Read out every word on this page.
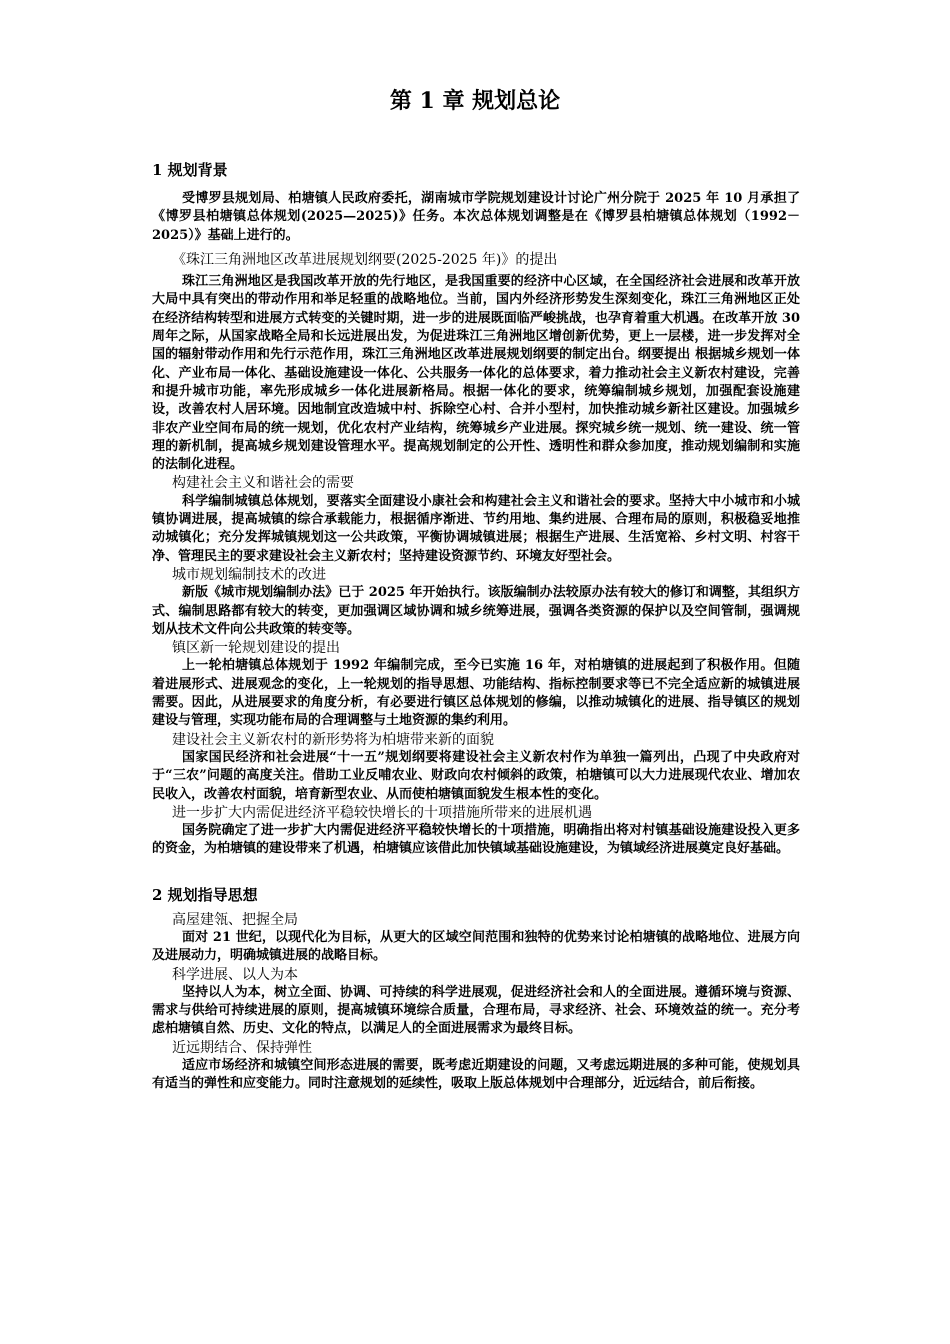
第 1 章 规划总论

1 规划背景

受博罗县规划局、柏塘镇人民政府委托，湖南城市学院规划建设计讨论广州分院于 2025 年 10 月承担了《博罗县柏塘镇总体规划(2025—2025)》任务。本次总体规划调整是在《博罗县柏塘镇总体规划（1992－2025）》基础上进行的。

《珠江三角洲地区改革进展规划纲要(2025-2025 年)》的提出

珠江三角洲地区是我国改革开放的先行地区，是我国重要的经济中心区域，在全国经济社会进展和改革开放大局中具有突出的带动作用和举足轻重的战略地位。当前，国内外经济形势发生深刻变化，珠江三角洲地区正处在经济结构转型和进展方式转变的关键时期，进一步的进展既面临严峻挑战，也孕育着重大机遇。在改革开放 30 周年之际，从国家战略全局和长远进展出发，为促进珠江三角洲地区增创新优势，更上一层楼，进一步发挥对全国的辐射带动作用和先行示范作用，珠江三角洲地区改革进展规划纲要的制定出台。纲要提出 根据城乡规划一体化、产业布局一体化、基础设施建设一体化、公共服务一体化的总体要求，着力推动社会主义新农村建设，完善和提升城市功能，率先形成城乡一体化进展新格局。根据一体化的要求，统筹编制城乡规划，加强配套设施建设，改善农村人居环境。因地制宜改造城中村、拆除空心村、合并小型村，加快推动城乡新社区建设。加强城乡非农产业空间布局的统一规划，优化农村产业结构，统筹城乡产业进展。探究城乡统一规划、统一建设、统一管理的新机制，提高城乡规划建设管理水平。提高规划制定的公开性、透明性和群众参加度，推动规划编制和实施的法制化进程。

构建社会主义和谐社会的需要

科学编制城镇总体规划，要落实全面建设小康社会和构建社会主义和谐社会的要求。坚持大中小城市和小城镇协调进展，提高城镇的综合承载能力，根据循序渐进、节约用地、集约进展、合理布局的原则，积极稳妥地推动城镇化；充分发挥城镇规划这一公共政策，平衡协调城镇进展；根据生产进展、生活宽裕、乡村文明、村容干净、管理民主的要求建设社会主义新农村；坚持建设资源节约、环境友好型社会。

城市规划编制技术的改进

新版《城市规划编制办法》已于 2025 年开始执行。该版编制办法较原办法有较大的修订和调整，其组织方式、编制思路都有较大的转变，更加强调区域协调和城乡统筹进展，强调各类资源的保护以及空间管制，强调规划从技术文件向公共政策的转变等。

镇区新一轮规划建设的提出

上一轮柏塘镇总体规划于 1992 年编制完成，至今已实施 16 年，对柏塘镇的进展起到了积极作用。但随着进展形式、进展观念的变化，上一轮规划的指导思想、功能结构、指标控制要求等已不完全适应新的城镇进展需要。因此，从进展要求的角度分析，有必要进行镇区总体规划的修编，以推动城镇化的进展、指导镇区的规划建设与管理，实现功能布局的合理调整与土地资源的集约利用。

建设社会主义新农村的新形势将为柏塘带来新的面貌

国家国民经济和社会进展“十一五”规划纲要将建设社会主义新农村作为单独一篇列出，凸现了中央政府对于“三农”问题的高度关注。借助工业反哺农业、财政向农村倾斜的政策，柏塘镇可以大力进展现代农业、增加农民收入，改善农村面貌，培育新型农业、从而使柏塘镇面貌发生根本性的变化。

进一步扩大内需促进经济平稳较快增长的十项措施所带来的进展机遇

国务院确定了进一步扩大内需促进经济平稳较快增长的十项措施，明确指出将对村镇基础设施建设投入更多的资金，为柏塘镇的建设带来了机遇，柏塘镇应该借此加快镇域基础设施建设，为镇域经济进展奠定良好基础。

2 规划指导思想

高屋建瓴、把握全局

面对 21 世纪，以现代化为目标，从更大的区域空间范围和独特的优势来讨论柏塘镇的战略地位、进展方向及进展动力，明确城镇进展的战略目标。

科学进展、以人为本

坚持以人为本，树立全面、协调、可持续的科学进展观，促进经济社会和人的全面进展。遵循环境与资源、需求与供给可持续进展的原则，提高城镇环境综合质量，合理布局，寻求经济、社会、环境效益的统一。充分考虑柏塘镇自然、历史、文化的特点，以满足人的全面进展需求为最终目标。

近远期结合、保持弹性

适应市场经济和城镇空间形态进展的需要，既考虑近期建设的问题，又考虑远期进展的多种可能，使规划具有适当的弹性和应变能力。同时注意规划的延续性，吸取上版总体规划中合理部分，近远结合，前后衔接。
